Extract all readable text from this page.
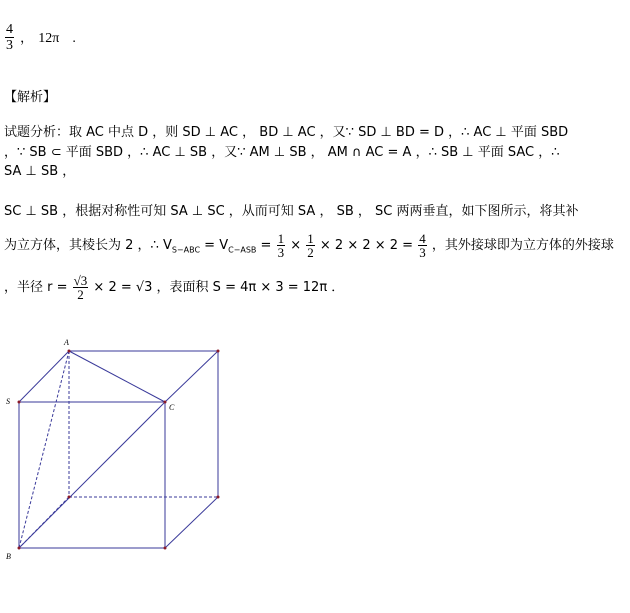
$\frac{4}{3}$ ， 12π .
【解析】
试题分析：取 AC 中点 D ，则 SD ⊥ AC ， BD ⊥ AC ，又∵ SD ⊥ BD = D ，∴ AC ⊥ 平面 SBD
，∵ SB ⊂ 平面 SBD ，∴ AC ⊥ SB ，又∵ AM ⊥ SB ， AM ∩ AC = A ，∴ SB ⊥ 平面 SAC ，∴
SA ⊥ SB ，
SC ⊥ SB ，根据对称性可知 SA ⊥ SC ，从而可知 SA ， SB ， SC 两两垂直，如下图所示，将其补
为立方体，其棱长为 2 ，∴ $V_{S-ABC} = V_{C-ASB} = \frac{1}{3} \times \frac{1}{2} \times 2 \times 2 \times 2 = \frac{4}{3}$ ，其外接球即为立方体的外接球
，半径 $r = \frac{√3}{2} \times 2 = √3$ ，表面积 S = 4π × 3 = 12π ．
A
S
C
B
